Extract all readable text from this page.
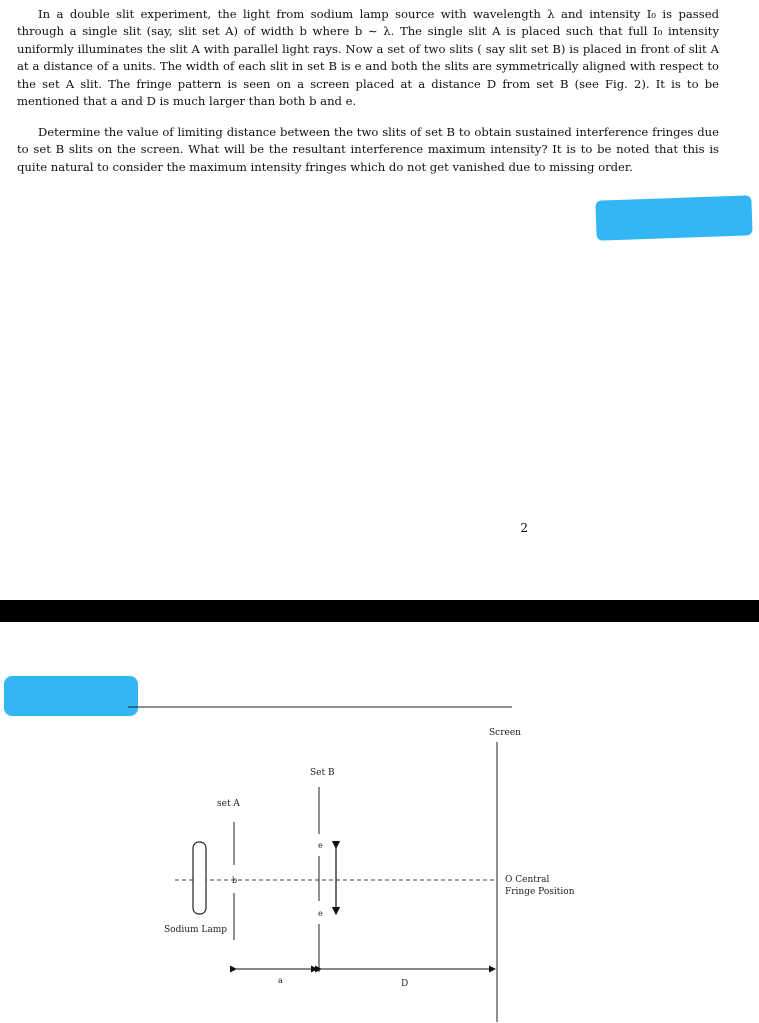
In a double slit experiment, the light from sodium lamp source with wavelength λ and intensity I₀ is passed through a single slit (say, slit set A) of width b where b ∼ λ. The single slit A is placed such that full I₀ intensity uniformly illuminates the slit A with parallel light rays. Now a set of two slits ( say slit set B) is placed in front of slit A at a distance of a units. The width of each slit in set B is e and both the slits are symmetrically aligned with respect to the set A slit. The fringe pattern is seen on a screen placed at a distance D from set B (see Fig. 2). It is to be mentioned that a and D is much larger than both b and e.

Determine the value of limiting distance between the two slits of set B to obtain sustained interference fringes due to set B slits on the screen. What will be the resultant interference maximum intensity? It is to be noted that this is quite natural to consider the maximum intensity fringes which do not get vanished due to missing order.

2
Screen
Set B
set A
b
e
e
O Central
Fringe Position
Sodium Lamp
a	D
